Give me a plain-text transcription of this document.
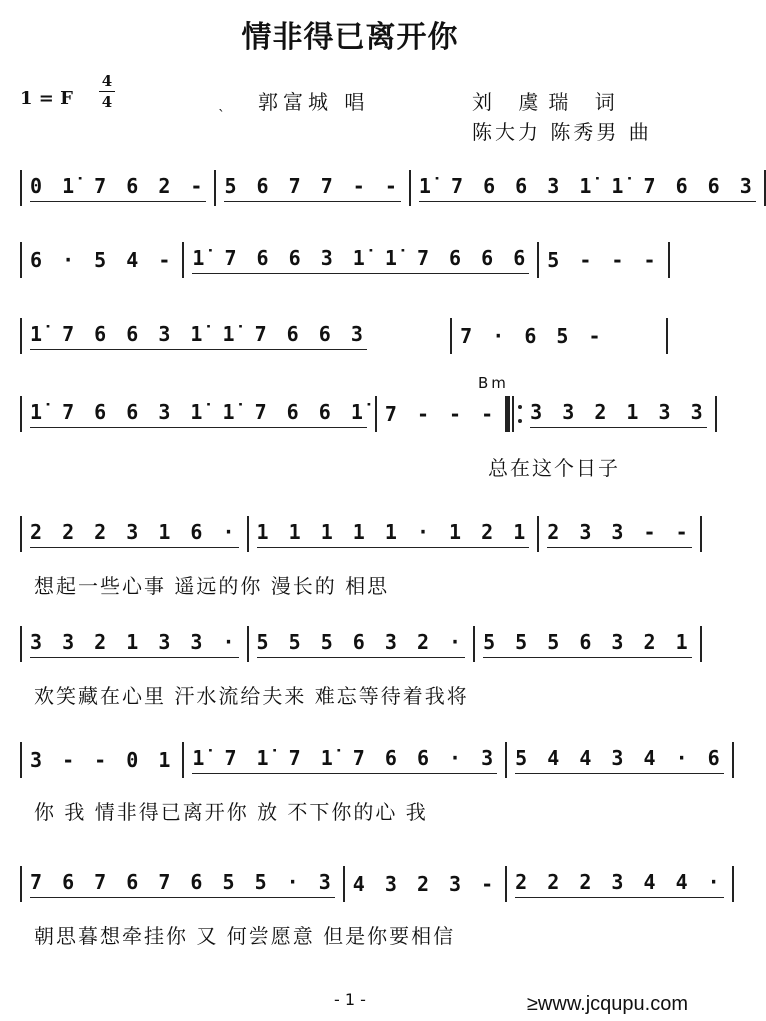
情非得已离开你
1 = F
4
4	ˎ 郭富城 唱	刘 虞瑞 词
陈大力 陈秀男 曲
0 1̇ 7 6 2 - 5 6 7 7 - - 1̇ 7 6 6 3 1̇ 1̇ 7 6 6 3
6 · 5 4 - 1̇ 7 6 6 3 1̇ 1̇ 7 6 6 6 5 - - -
1̇ 7 6 6 3 1̇ 1̇ 7 6 6 3	7 · 6 5 -
1̇ 7 6 6 3 1̇ 1̇ 7 6 6 1̇ 7 - - - 3 3 2 1 3 3
Bm
总在这个日子
2 2 2 3 1 6 · 1 1 1 1 1 · 1 2 1 2 3 3 - -
想起一些心事 遥远的你 漫长的 相思
3 3 2 1 3 3 · 5 5 5 6 3 2 · 5 5 5 6 3 2 1
欢笑藏在心里 汗水流给夫来 难忘等待着我将
3 - - 0 1 1̇ 7 1̇ 7 1̇ 7 6 6 · 3 5 4 4 3 4 · 6
你 我 情非得已离开你 放 不下你的心 我
7 6 7 6 7 6 5 5 · 3 4 3 2 3 - 2 2 2 3 4 4 ·
朝思暮想牵挂你 又 何尝愿意 但是你要相信
- 1 -	≥www.jcqupu.com
